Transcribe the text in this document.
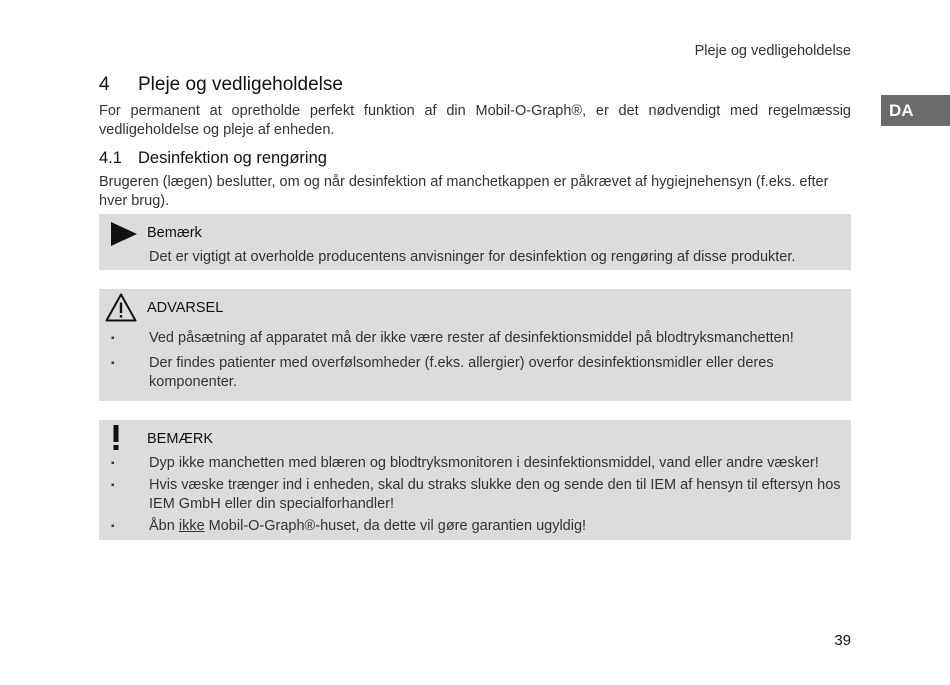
Pleje og vedligeholdelse
DA
4 Pleje og vedligeholdelse

For permanent at opretholde perfekt funktion af din Mobil-O-Graph®, er det nødvendigt med regelmæssig vedligeholdelse og pleje af enheden.

4.1 Desinfektion og rengøring

Brugeren (lægen) beslutter, om og når desinfektion af manchetkappen er påkrævet af hygiejnehensyn (f.eks. efter hver brug).

Bemærk
Det er vigtigt at overholde producentens anvisninger for desinfektion og rengøring af disse produkter.
ADVARSEL
▪ Ved påsætning af apparatet må der ikke være rester af desinfektionsmiddel på blodtryksmanchetten!
▪ Der findes patienter med overfølsomheder (f.eks. allergier) overfor desinfektionsmidler eller deres komponenter.
BEMÆRK
▪ Dyp ikke manchetten med blæren og blodtryksmonitoren i desinfektionsmiddel, vand eller andre væsker!
▪ Hvis væske trænger ind i enheden, skal du straks slukke den og sende den til IEM af hensyn til eftersyn hos IEM GmbH eller din specialforhandler!
▪ Åbn ikke Mobil-O-Graph®-huset, da dette vil gøre garantien ugyldig!
39
